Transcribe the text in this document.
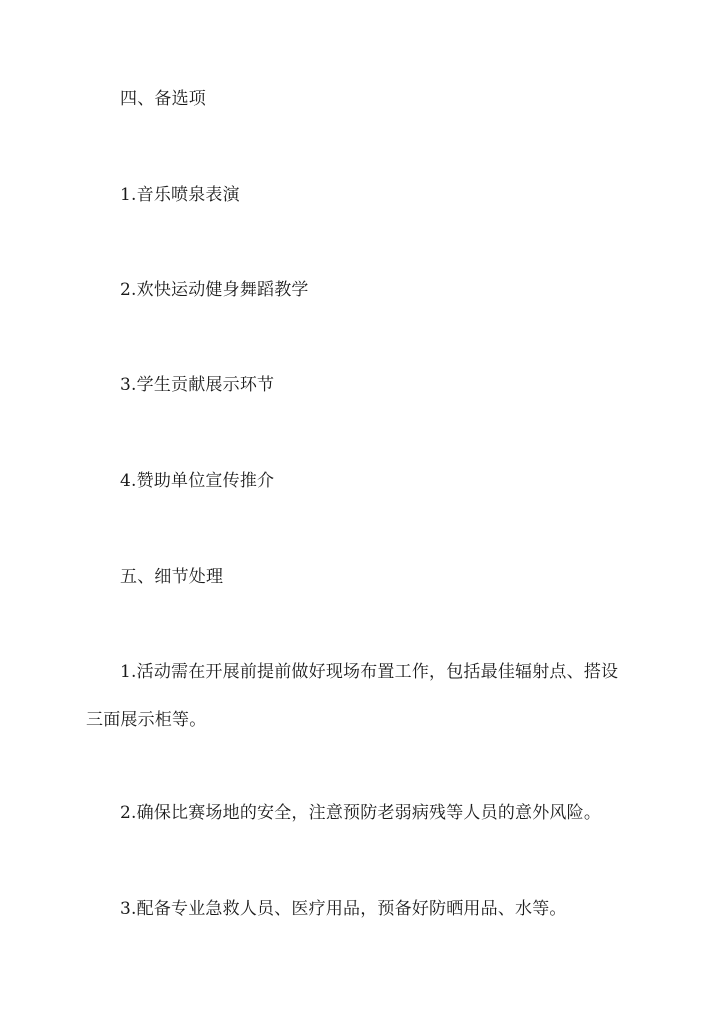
四、备选项
1.音乐喷泉表演
2.欢快运动健身舞蹈教学
3.学生贡献展示环节
4.赞助单位宣传推介
五、细节处理
1.活动需在开展前提前做好现场布置工作，包括最佳辐射点、搭设三面展示柜等。
2.确保比赛场地的安全，注意预防老弱病残等人员的意外风险。
3.配备专业急救人员、医疗用品，预备好防晒用品、水等。
